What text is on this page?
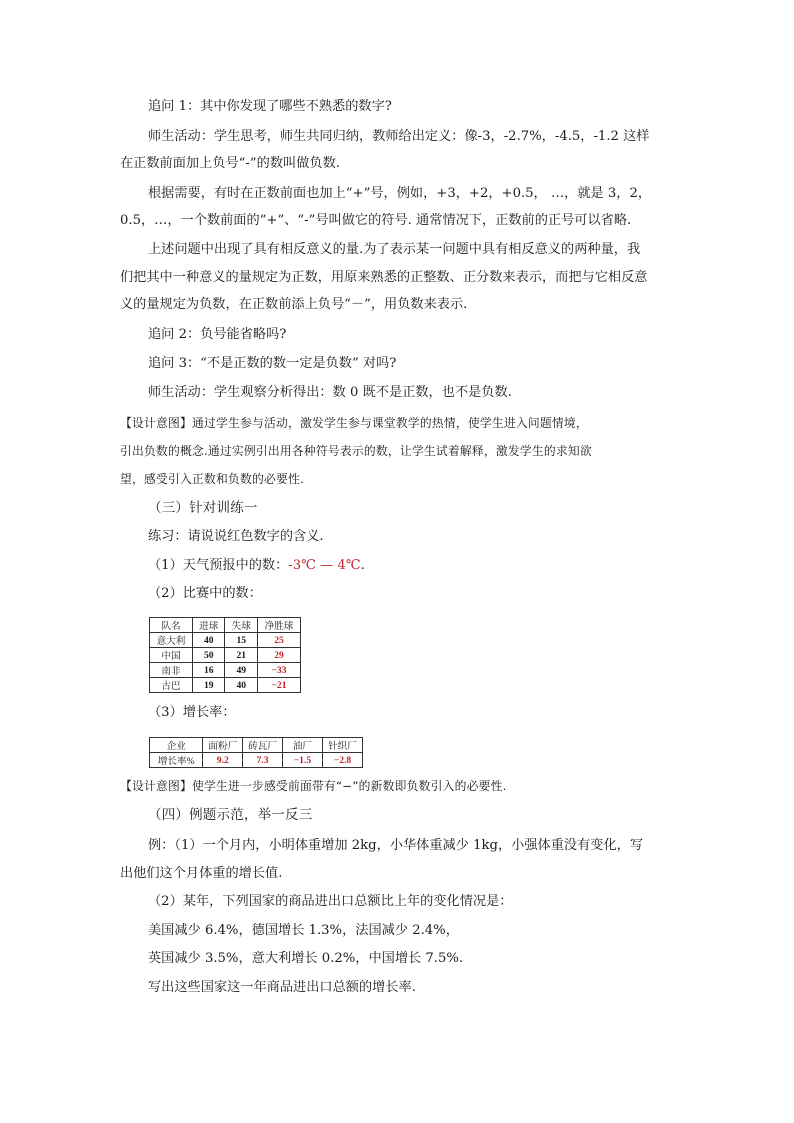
追问 1：其中你发现了哪些不熟悉的数字?
师生活动：学生思考，师生共同归纳，教师给出定义：像-3，-2.7%，-4.5，-1.2 这样
在正数前面加上负号“-”的数叫做负数.
根据需要，有时在正数前面也加上“+”号，例如，+3，+2，+0.5， …，就是 3，2，
0.5，…，一个数前面的“+”、“-”号叫做它的符号. 通常情况下，正数前的正号可以省略.
上述问题中出现了具有相反意义的量.为了表示某一问题中具有相反意义的两种量，我
们把其中一种意义的量规定为正数，用原来熟悉的正整数、正分数来表示，而把与它相反意
义的量规定为负数，在正数前添上负号“－”，用负数来表示.
追问 2：负号能省略吗?
追问 3：“不是正数的数一定是负数” 对吗?
师生活动：学生观察分析得出：数 0 既不是正数，也不是负数.
【设计意图】通过学生参与活动，激发学生参与课堂教学的热情，使学生进入问题情境，
引出负数的概念.通过实例引出用各种符号表示的数，让学生试着解释，激发学生的求知欲
望，感受引入正数和负数的必要性.
（三）针对训练一
练习：请说说红色数字的含义.
（1）天气预报中的数：-3℃ — 4℃.
（2）比赛中的数：
队名	进球	失球	净胜球
意大利	40	15	25
中国	50	21	29
南非	16	49	−33
古巴	19	40	−21
（3）增长率：
企业	面粉厂	砖瓦厂	油厂	针织厂
增长率%	9.2	7.3	−1.5	−2.8
【设计意图】使学生进一步感受前面带有“−”的新数即负数引入的必要性.
（四）例题示范，举一反三
例：（1）一个月内，小明体重增加 2kg，小华体重减少 1kg，小强体重没有变化，写
出他们这个月体重的增长值.
（2）某年，下列国家的商品进出口总额比上年的变化情况是：
美国减少 6.4%，德国增长 1.3%，法国减少 2.4%，
英国减少 3.5%，意大利增长 0.2%，中国增长 7.5%.
写出这些国家这一年商品进出口总额的增长率.
